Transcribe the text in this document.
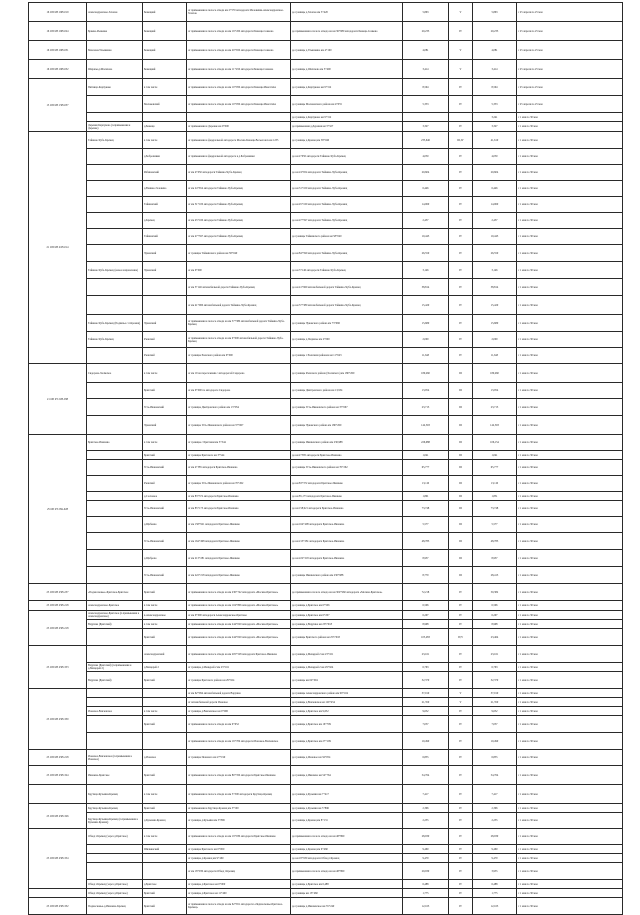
16 ОП МЗ 16Н-019	Александровское-Хлопок	Бежецкий	от примыкания к полосе отвода км 2+570 автодороги Маловиши-Александровское-Хлопок	до границы д.Хлопок км 5+420	5,863	V	5,863	с 25 апреля по 25 мая
16 ОП МЗ 16Н-024	Бриево-Рыжевка	Бежецкий	от примыкания к полосе отвода на км 16+450 автодороги Бежецк-Сонково	до примыкания к полосе отвода на км 36+680 автодороги Бежецк-Сонково	20,233	IV	20,233	с 25 апреля по 25 мая
16 ОП МЗ 16Н-031	Моклоки-Ульянкино	Бежецкий	от примыкания к полосе отвода на км 20+650 автодороги Бежецк-Сонково	до границы д.Ульянкино км 4+160	4,081	V	4,081	с 25 апреля по 25 мая
16 ОП МЗ 16Н-032	Шарапы-д.Шалахово	Бежецкий	от примыкания к полосе отвода на км 11+450 автодороги Бежецк-Сонково	до границы д.Шалахово км 3+400	3,414	V	3,414	с 25 апреля по 25 мая
15 ОП МЗ 15Н-037	Пятница-Карпуково	в том числе	от примыкания к полосе отвода на км 10+950 автодороги Бежецк-Максатиха	до границы д.Карпуково км 9+312	8,594	IV	8,594	с 25 апреля по 25 мая
		Молоковский	от примыкания к полосе отвода на км 10+950 автодороги Бежецк-Максатиха	до границы Молоковского района км 4+055	5,353	IV	5,353	с 25 апреля по 25 мая
				до границы д.Карпуково км 9+312			3,241	с 1 мая по 30 мая
	Деревня Карпуково (п.примыкания к Деревне)	д.Бежецк	от примыкания к Деревне км 0+000	до примыкания д.Деревня км 3+327	3,327	IV	3,327	с 1 мая по 30 мая
21 ОП МЗ 21Н-014	Тайкино-Чуба-Кремец	в том числе	от примыкания к федеральной автодороге Москва-Бежецк-Весьегонск км 1235	до границы д.Кремец км 58+040	235,646	III,IV	41,610	с 1 мая по 30 мая
		д.Бобровники	от примыкания к федеральной автодороге в д.Бобровники	до км 4+050 автодороги Тайкино-Чуба-Кремец	4,050	IV	4,050	с 1 мая по 30 мая
		Рябиновский	от км 4+050 автодороги Тайкино-Чуба-Кремец	до км 24+654 автодороги Тайкино-Чуба-Кремец	20,604	IV	20,604	с 1 мая по 30 мая
		д.Ванино-Головино	от км 24+654 автодороги Тайкино-Чуба-Кремец	до км 31+100 автодороги Тайкино-Чуба-Кремец	6,446	IV	6,446	с 1 мая по 30 мая
		Тайкинский	от км 31+100 автодороги Тайкино-Чуба-Кремец	до км 45+160 автодороги Тайкино-Чуба-Кремец	14,060	IV	14,060	с 1 мая по 30 мая
		д.Кремец	от км 45+160 автодороги Тайкино-Чуба-Кремец	до км 47+597 автодороги Тайкино-Чуба-Кремец	2,437	IV	2,437	с 1 мая по 30 мая
		Тайкинский	от км 47+597 автодороги Тайкино-Чуба-Кремец	до границы Тайкинского района км 58+040	10,443	IV	10,443	с 1 мая по 30 мая
		Чуковский	от границы Тайкинского района км 58+040	до км 84+590 автодороги Тайкино-Чуба-Кремец	26,550	IV	26,550	с 1 мая по 30 мая
	Тайкино-Чуба-Кремец (новое направление)	Чуковский	от км 0+000	до км 3+146 автодороги Тайкино-Чуба-Кремец	3,146	IV	3,146	с 1 мая по 30 мая
			от км 3+146 автомобильной дороги Тайкино-Чуба-Кремец	до км 41+960 автомобильной дороги Тайкино-Чуба-Кремец	38,814	IV	38,814	с 1 мая по 30 мая
			от км 41+960 автомобильной дороги Тайкино-Чуба-Кремец	до км 57+380 автомобильной дороги Тайкино-Чуба-Кремец	15,420	IV	15,420	с 1 мая по 30 мая
	Тайкино-Чуба-Кремец (Подвязье с п.Кремец)	Чуковский	от примыкания к полосе отвода на км 57+380 автомобильной дороги Тайкино-Чуба-Кремец	до границы Чуковского района км 73+060	15,680	IV	15,680	с 1 мая по 30 мая
	Тайкино-Чуба-Кремец	Рзенский	от примыкания к полосе отвода на км 0+000 автомобильной дороги Тайкино-Чуба-Кремец	до границы д.Подвязье км 2+000	2,000	IV	2,000	с 1 мая по 30 мая
		Рзенский	от границы Рзенского района км 0+000	до границы с Рзенским районом км 11+643	11,643	IV	11,643	с 1 мая по 30 мая
21 ОП РЗ 21Н-038	Сидорово-Холмское	в том числе	от км 19 на пересечении с автодорогой Сидорово	до границы Рзенского района (Холмского) км 180+260	180,260	III	180,260	с 1 мая по 30 мая
		Бригский	от км 0+000 по автодороге Сидорово	до границы Дмитровского района км 13,954	13,954	III	13,954	с 1 мая по 30 мая
		Усть-Ивановский	от границы Дмитровского района км 13+954	до границы Усть-Ивановского района км 37+667	23,713	III	23,713	с 1 мая по 30 мая
		Чуковский	от границы Усть-Ивановского района км 37+667	до границы Чуковского района км 180+260	142,593	III	142,593	с 1 мая по 30 мая
25 ОП РЗ 25К-028	Бригское-Ивашево	в том числе	от границы с Бригским км 3+544	до границы Ивашевского района км 230,988	226,988	III	106,154	с 1 мая по 30 мая
		Бригский	от границы Бригского км 3+544	до км 4+585 автодороги Бригское-Ивашево	1,041	III	1,041	с 1 мая по 30 мая
		Усть-Ивановский	от км 4+585 автодороги Бригское-Ивашево	до границы Усть-Ивановского района км 70+262	65,777	III	65,777	с 1 мая по 30 мая
		Рзенский	от границы Усть-Ивановского района км 70+262	до км 83+372 автодороги Бригское-Ивашево	13,110	III	13,110	с 1 мая по 30 мая
		д.Сосновое	от км 83+372 автодороги Бригское-Ивашево	до км 85,173 автодороги Бригское-Ивашево	1,801	III	1,851	с 1 мая по 30 мая
		Усть-Ивановский	от км 85+173 автодороги Бригское-Ивашево	до км 158,921 автодороги Бригское-Ивашево	73,748	III	73,748	с 1 мая по 30 мая
		д.Щебнево	от км 158+921 автодороги Бригское-Ивашево	до км 164+498 автодороги Бригское-Ивашево	5,577	III	5,577	с 1 мая по 30 мая
		Усть-Ивановский	от км 164+498 автодороги Бригское-Ивашево	до км 213+281 автодороги Бригское-Ивашево	48,783	III	48,783	с 1 мая по 30 мая
		д.Щеброво	от км 213+281 автодороги Бригское-Ивашево	до км 222+218 автодороги Бригское-Ивашево	8,937	III	8,937	с 1 мая по 30 мая
		Усть-Ивановский	от км 222+218 автодороги Бригское-Ивашево	до границы Ивашевского района км 230+988	8,770	III	28,413	с 1 мая по 30 мая
25 ОП МЗ 25Н-237	«Подмосковье»-Бригское-Бригское	Бригский	от примыкания к полосе отвода на км 230+742 автодороги «Москва-Бригское»	до примыкания к полосе отвода на км 302+960 автодороги «Москва-Бригское»	72,218	IV	50,382	с 1 мая по 30 мая
25 ОП МЗ 25Н-218	Александровское-Бригское	в том числе	от примыкания к полосе отвода на км 104+806 автодороги «Москва-Бригское»	до границы д.Бригское км 6+506	6,506	IV	6,506	с 1 мая по 30 мая
25 ОП МЗ 25Н-218	Александровское-Бригское (п.примыкания к Александровское)	в.Александровское	от км 0+000 автодороги Александровское-Бригское	до границы д.Бригское км 6+207	6,207	IV	6,207	с 1 мая по 30 мая
	Варушка (Бригский)	в том числе	от примыкания к полосе отвода на км 244+020 автодороги «Москва-Бригское»	до границы д.Варушка км 253+018	8,998	IV	8,998	с 1 мая по 30 мая
		Бригский	от примыкания к полосе отвода на км 244+020 автодороги «Москва-Бригское»	до границы Бригского района км 253+018	105,283	IV,V	23,464	с 1 мая по 30 мая
25 ОП МЗ 25Н-353		Александровский	от примыкания к полосе отвода на км 205+528 автодороги Бригское-Ивашево	до границы д.Мещерей 2 км 23+161	23,161	IV	23,161	с 1 мая по 30 мая
	Варушка (Бригский) (п.примыкания к д.Мещерей 2)	д.Мещерей 2	от границы д.Мещерей 2 км 23+161	до границы д.Мещерей 2 км 29+924	6,763	IV	6,763	с 1 мая по 30 мая
	Варушка (Бригский)	Бригский	от границы Бригского района км 29+924	до границы км 62+094	32,370	IV	32,370	с 1 мая по 30 мая
25 ОП МЗ 25Н-330			от км 62+094 автомобильной дороги Варушка	до границы Александровского района км 99+104	37,010	V	37,010	с 1 мая по 30 мая
			от автомобильной дороги Ионовое	до границы д.Ванчевское км 120+454	21,350	V	21,350	с 1 мая по 30 мая
	Ионовое-Ванчевское	в том числе	от границы д.Ванчевское км 0+000	до границы д.Бригское км 9,652	9,652	IV	9,652	с 1 мая по 30 мая
		Бригский	от примыкания к полосе отвода на км 9+652	до границы д.Бригское км 16+709	7,057	IV	7,057	с 1 мая по 30 мая
			от примыкания к полосе отвода на км 16+709 автодороги Ионовое-Ванчевское	до границы д.Бригское км 27+199	10,490	IV	10,490	с 1 мая по 30 мая
25 ОП МЗ 25Н-218	Ионовое-Ванчевское (п.примыкания к Ионовое)	д.Ионовое	от границы Ионового км 27+199	до границы д.Ионовое км 34+054	6,855	IV	6,855	с 1 мая по 30 мая
25 ОП МЗ 25Н-324	Ивашево-Бригское	Бригский	от примыкания к полосе отвода на км 80+350 автодороги Бригское-Ивашево	до границы д.Ивашево км 54+764	54,764	IV	54,764	с 1 мая по 30 мая
	Крутица-Кузьмин-Кремец	в том числе	от примыкания к полосе отвода на км 3+500 автодороги Крутица-Кремец	до границы д.Кузьмин км 7+417	7,417	IV	7,417	с 1 мая по 30 мая
25 ОП МЗ 25Н-326	Крутица-Кузьмин-Кремец	Бригский	от примыкания к Крутица-Кремец км 3+500	до границы д.Кузьмин км 5+896	2,396	IV	2,396	с 1 мая по 30 мая
	Крутица-Кузьмин-Кремец (п.примыкания к Кузьмин-Кремец)	д.Кузьмин-Кремец	от границы д.Кузьмин км 5+896	до границы д.Кремец км 8+131	2,235	IV	2,235	с 1 мая по 30 мая
25 ОП МЗ 25Н-354	Обход г.Кремец (через д.Бригское)	в том числе	от примыкания к полосе отвода на км 19+930 автодороги Бригское-Ивашево	до примыкания к полосе отвода на км 48+860	28,930	IV	28,930	с 1 мая по 30 мая
		Шилкинский	от границы Бригского км 0+000	до границы д.Кремец км 9+460	9,460	IV	9,460	с 1 мая по 30 мая
			от границы д.Кремец км 9+460	до км 18+930 автодороги Обход г.Кремец	9,470	IV	9,470	с 1 мая по 30 мая
			от км 18+930 автодороги Обход г.Кремец	до примыкания к полосе отвода на км 48+860	29,930	IV	3,955	с 1 мая по 30 мая
	Обход г.Кремец (через д.Бригское)	д.Бригское	от границы д.Бригское км 0+000	до границы д.Бригское км 6,488	6,488	IV	6,488	с 1 мая по 30 мая
	Обход г.Кремец (через д.Бригское)	Бригский	от границы д.Бригское км 11+460	до границы км 13+460	1,775	IV	1,775	с 1 мая по 30 мая
25 ОП МЗ 25Н-332	Подмосковье-д.Ивашево-Кремец	Бригский	от примыкания к полосе отвода на км 62+651 автодороги «Подмосковье-Бригское-Кремец»	до границы д.Ивашевское км 35+240	12,163	IV	12,163	с 1 мая по 30 мая
